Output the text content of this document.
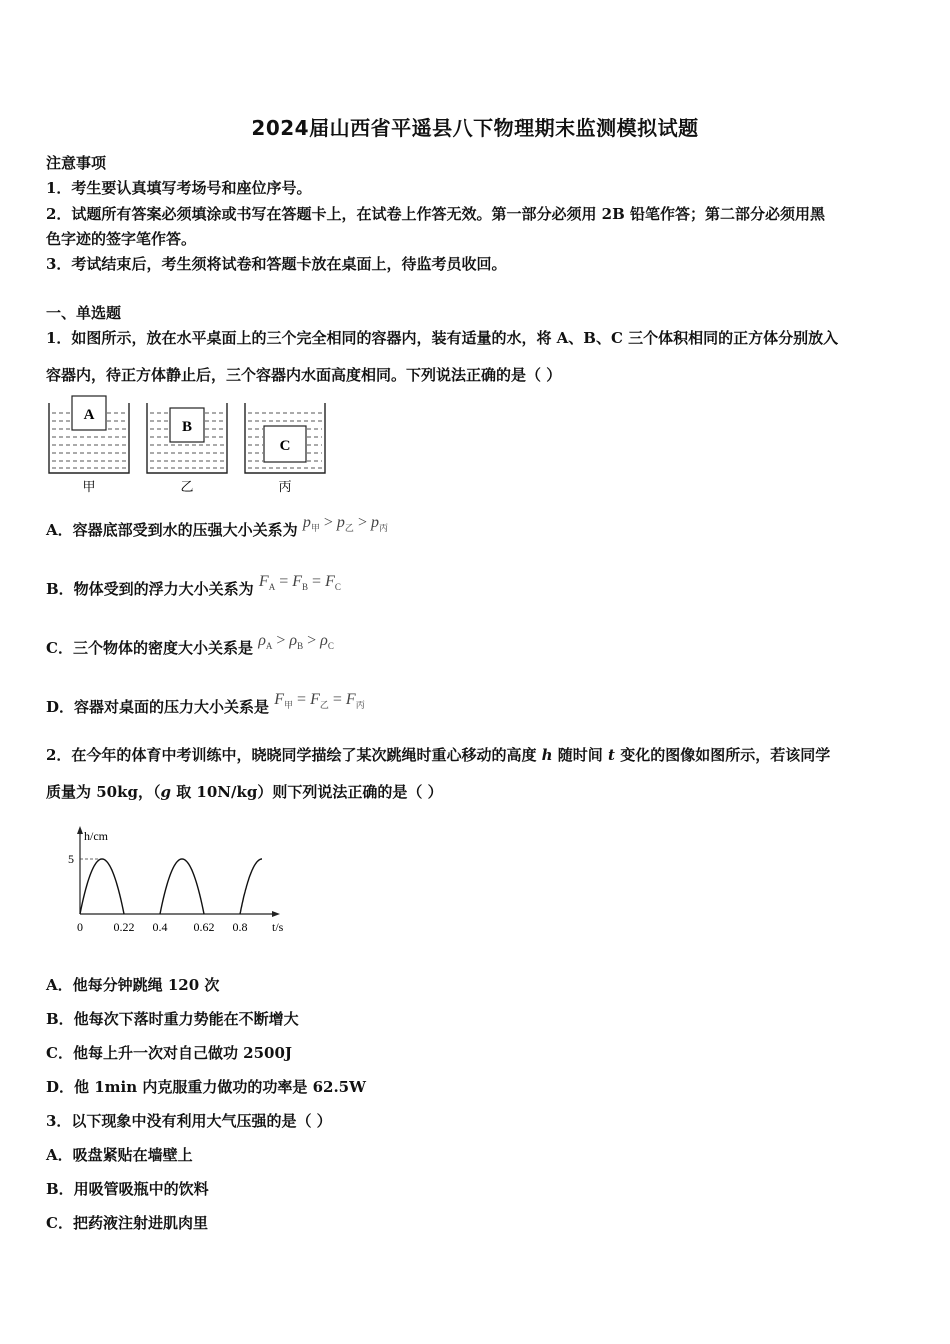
2024届山西省平遥县八下物理期末监测模拟试题
注意事项
1．考生要认真填写考场号和座位序号。
2．试题所有答案必须填涂或书写在答题卡上，在试卷上作答无效。第一部分必须用 2B 铅笔作答；第二部分必须用黑
色字迹的签字笔作答。
3．考试结束后，考生须将试卷和答题卡放在桌面上，待监考员收回。
一、单选题
1．如图所示，放在水平桌面上的三个完全相同的容器内，装有适量的水，将 A、B、C 三个体积相同的正方体分别放入
容器内，待正方体静止后，三个容器内水面高度相同。下列说法正确的是（ ）
A
甲
B
乙
C
丙
A．容器底部受到水的压强大小关系为 $p_甲 > p_乙 > p_丙$
B．物体受到的浮力大小关系为 $F_A = F_B = F_C$
C．三个物体的密度大小关系是 $\rho_A > \rho_B > \rho_C$
D．容器对桌面的压力大小关系是 $F_甲 = F_乙 = F_丙$
2．在今年的体育中考训练中，晓晓同学描绘了某次跳绳时重心移动的高度 h 随时间 t 变化的图像如图所示，若该同学
质量为 50kg，（g 取 10N/kg）则下列说法正确的是（ ）
h/cm
t/s
5
0	0.22 0.4 0.62 0.8
A．他每分钟跳绳 120 次
B．他每次下落时重力势能在不断增大
C．他每上升一次对自己做功 2500J
D．他 1min 内克服重力做功的功率是 62.5W
3．以下现象中没有利用大气压强的是（ ）
A．吸盘紧贴在墙壁上
B．用吸管吸瓶中的饮料
C．把药液注射进肌肉里
